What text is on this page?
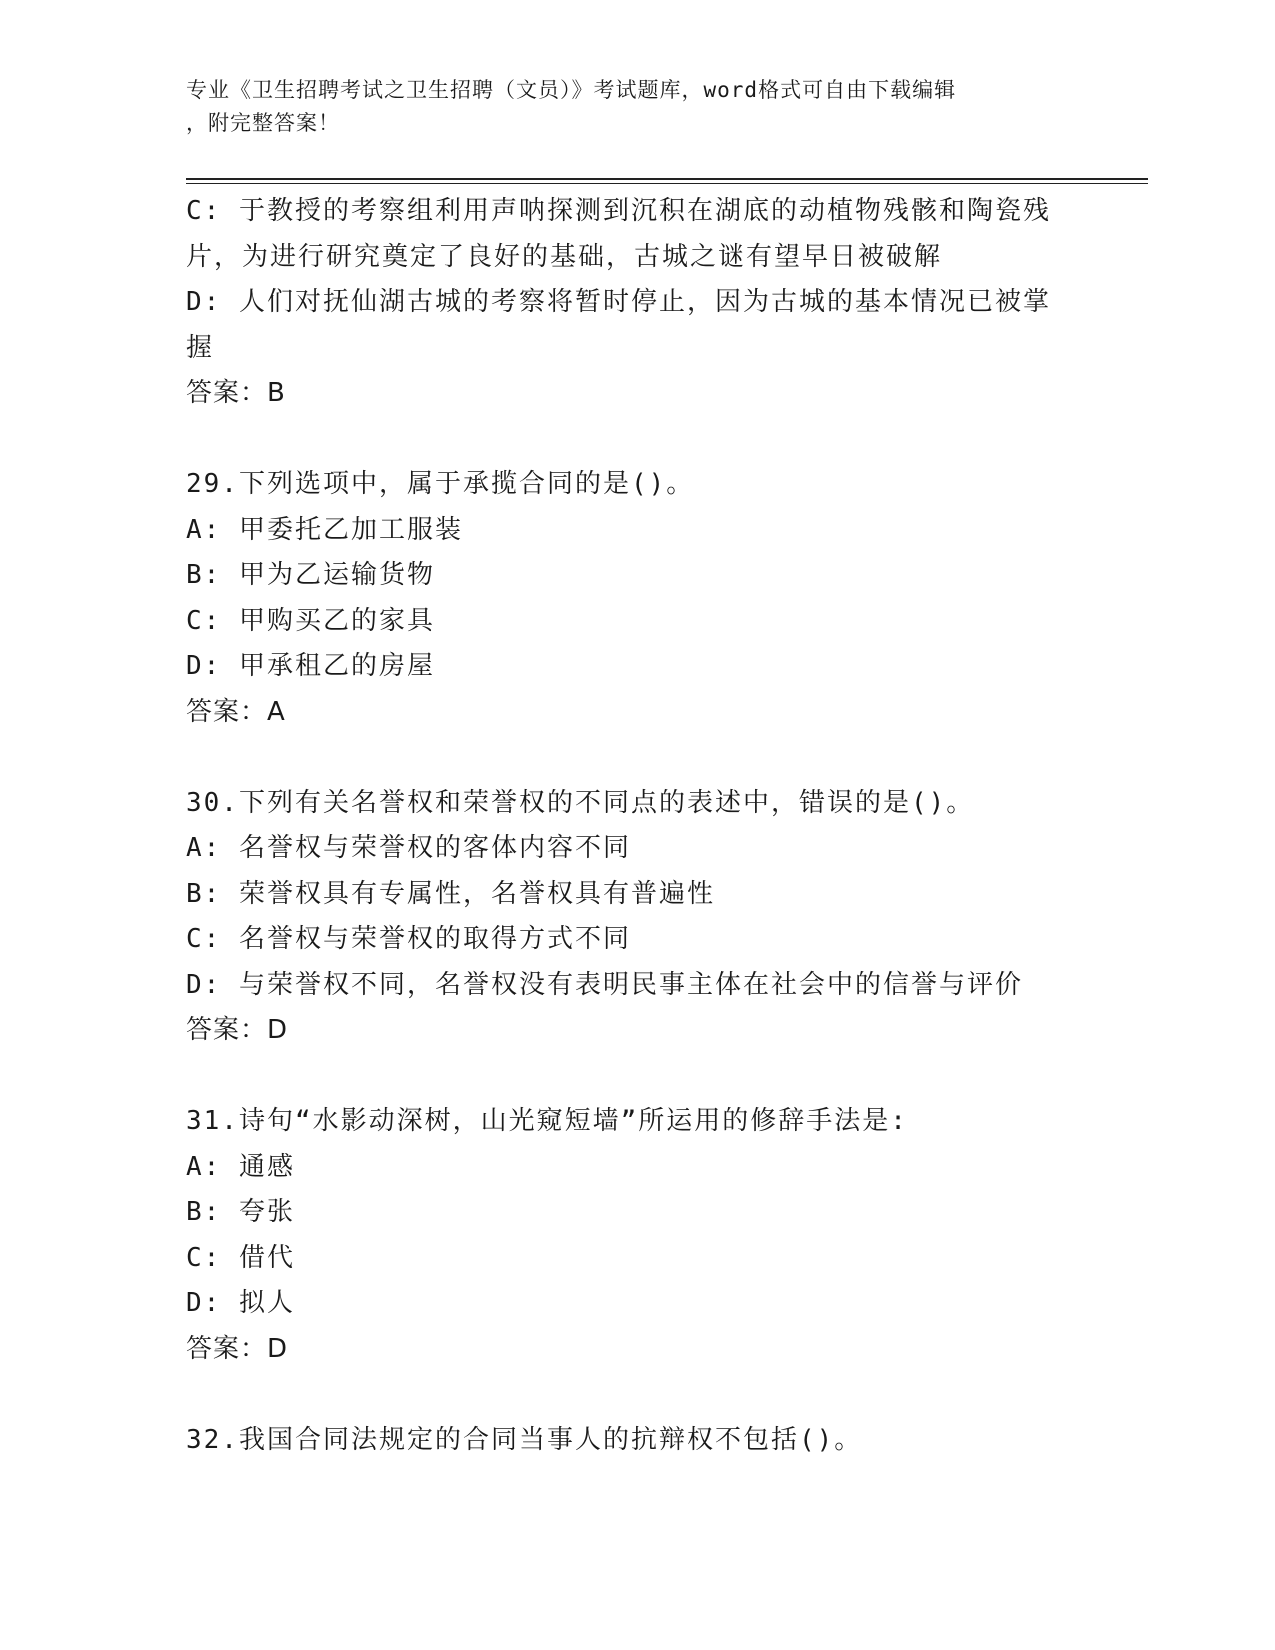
专业《卫生招聘考试之卫生招聘（文员）》考试题库，word格式可自由下载编辑
，附完整答案！
C: 于教授的考察组利用声呐探测到沉积在湖底的动植物残骸和陶瓷残
片，为进行研究奠定了良好的基础，古城之谜有望早日被破解
D: 人们对抚仙湖古城的考察将暂时停止，因为古城的基本情况已被掌
握
答案：B
29.下列选项中，属于承揽合同的是()。
A: 甲委托乙加工服装
B: 甲为乙运输货物
C: 甲购买乙的家具
D: 甲承租乙的房屋
答案：A
30.下列有关名誉权和荣誉权的不同点的表述中，错误的是()。
A: 名誉权与荣誉权的客体内容不同
B: 荣誉权具有专属性，名誉权具有普遍性
C: 名誉权与荣誉权的取得方式不同
D: 与荣誉权不同，名誉权没有表明民事主体在社会中的信誉与评价
答案：D
31.诗句“水影动深树，山光窥短墙”所运用的修辞手法是:
A: 通感
B: 夸张
C: 借代
D: 拟人
答案：D
32.我国合同法规定的合同当事人的抗辩权不包括()。
